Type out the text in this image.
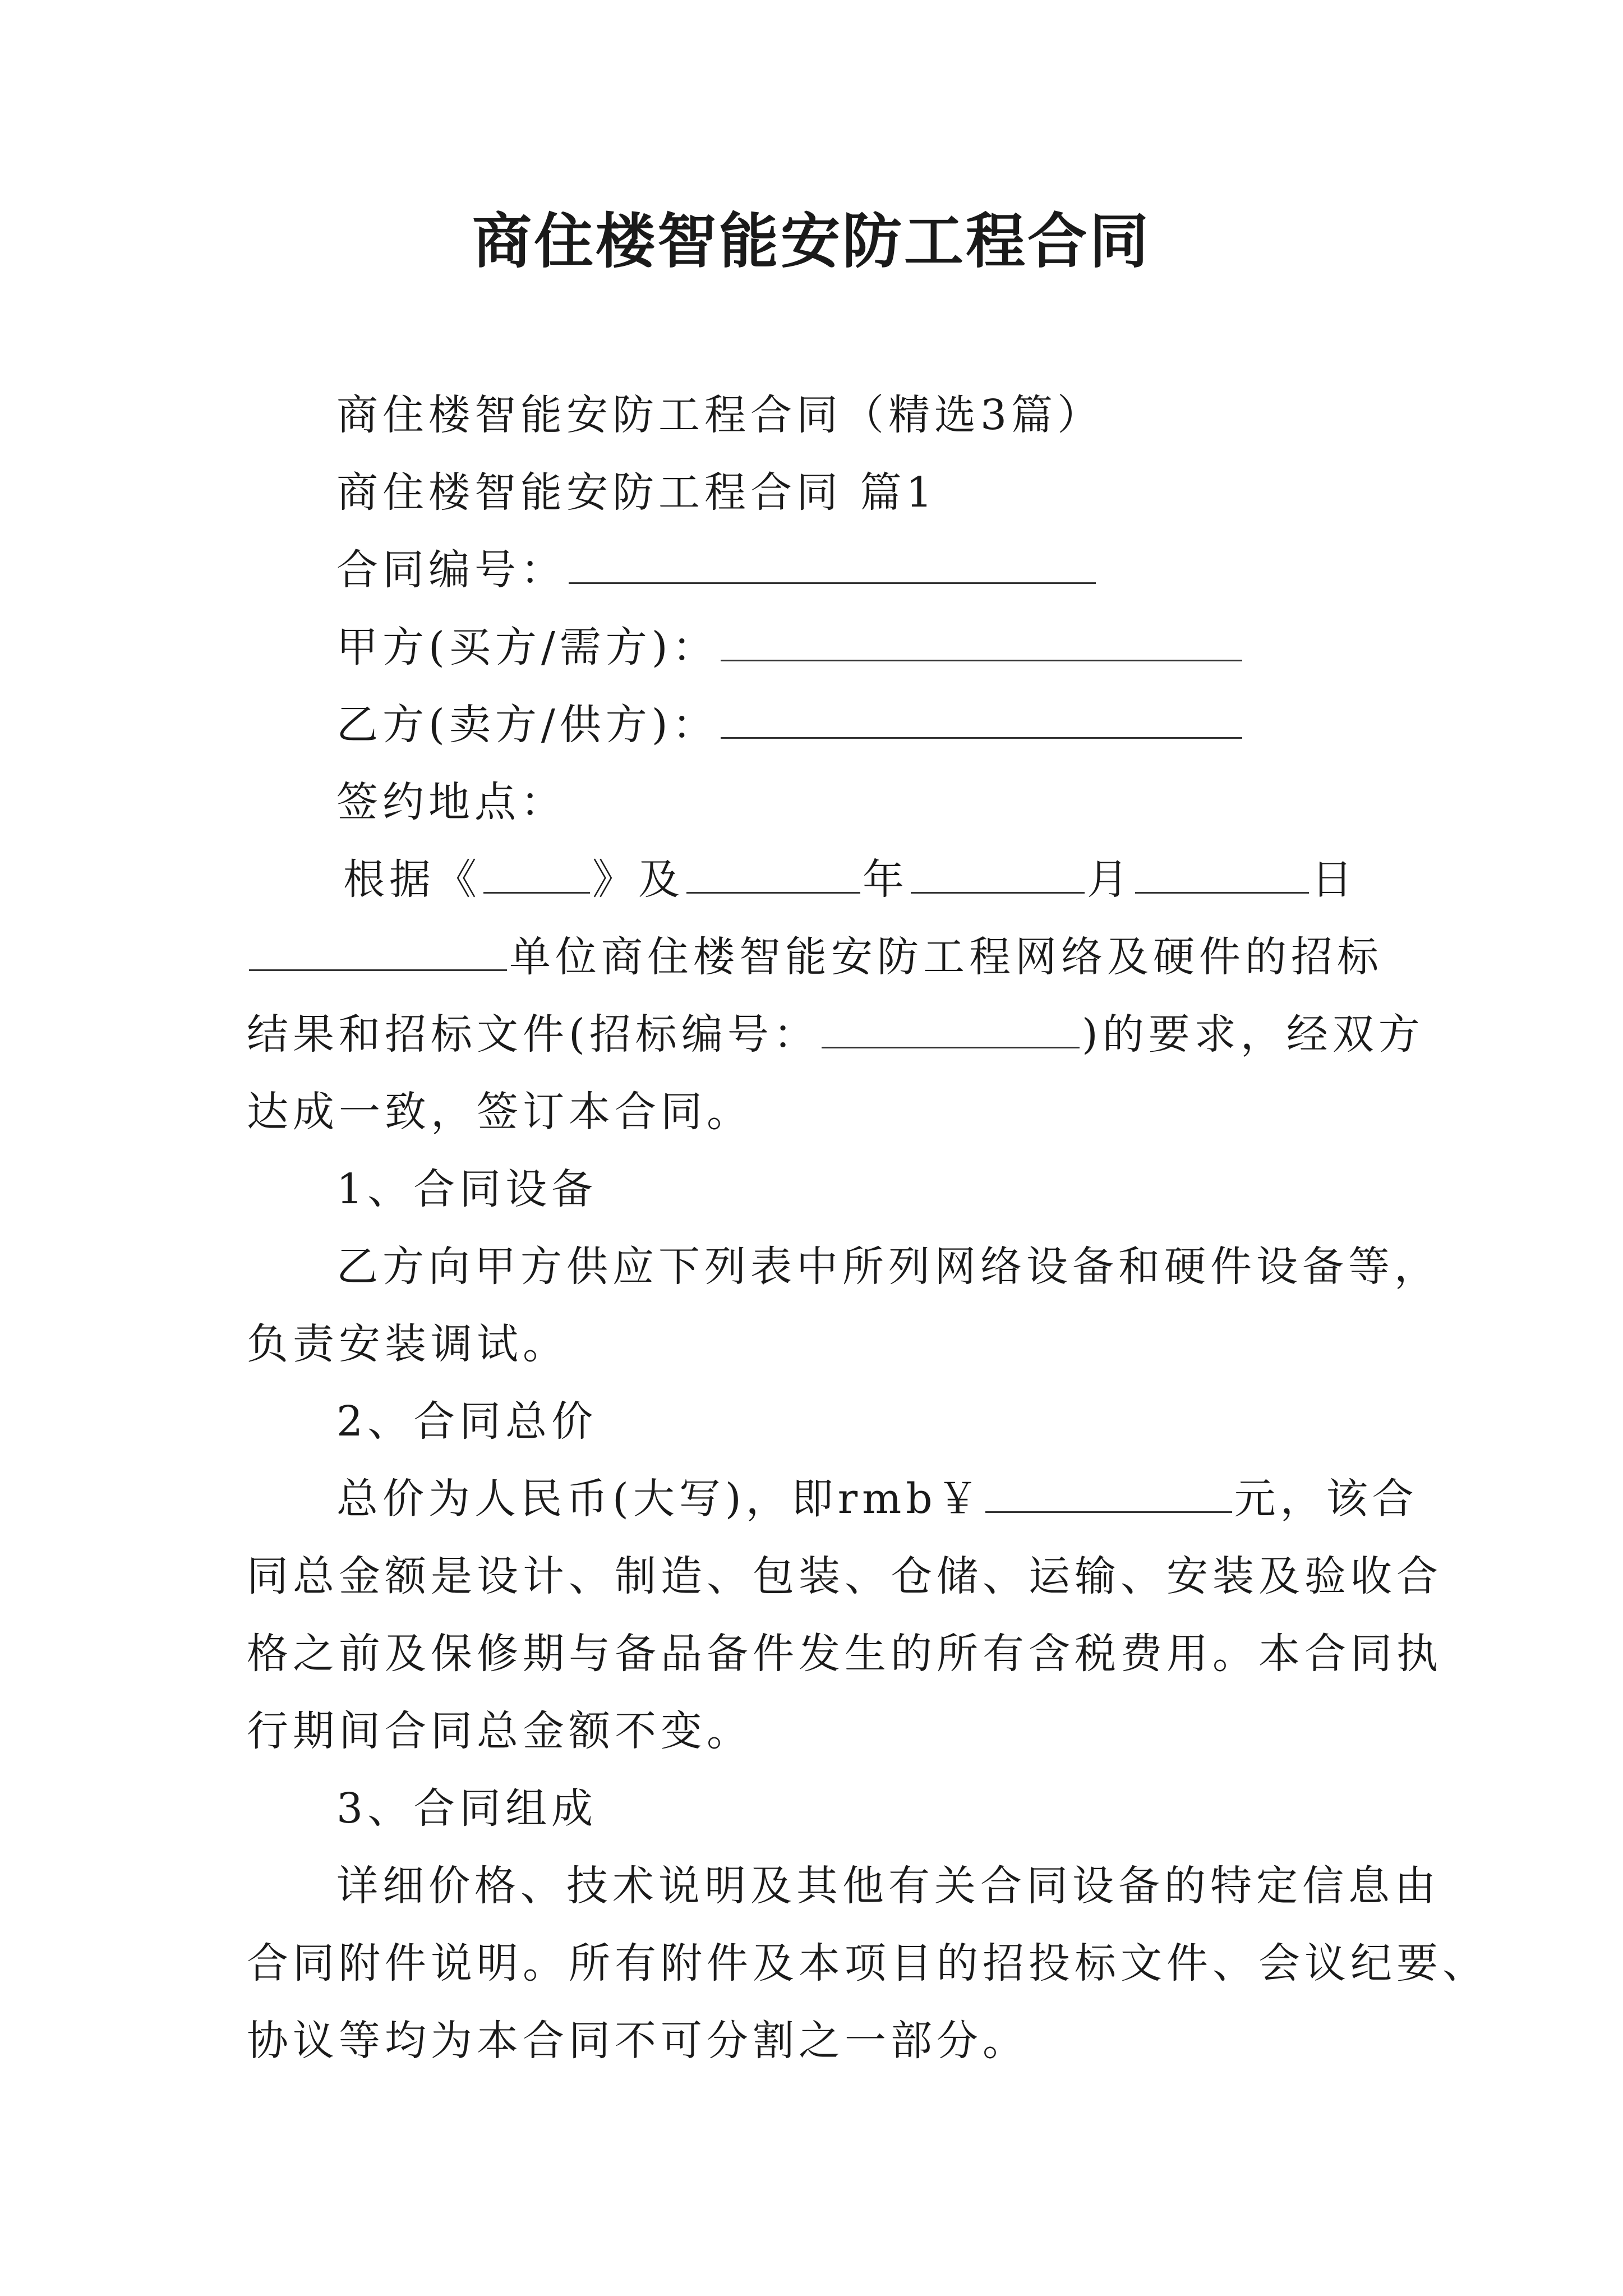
商住楼智能安防工程合同
商住楼智能安防工程合同（精选3篇）
商住楼智能安防工程合同 篇1
合同编号：
甲方(买方/需方)：
乙方(卖方/供方)：
签约地点：
根据《	》及	年	月	日
单位商住楼智能安防工程网络及硬件的招标
结果和招标文件(招标编号：	)的要求，经双方
达成一致，签订本合同。
1、合同设备
乙方向甲方供应下列表中所列网络设备和硬件设备等，
负责安装调试。
2、合同总价
总价为人民币(大写)，即rmb￥	元，该合
同总金额是设计、制造、包装、仓储、运输、安装及验收合
格之前及保修期与备品备件发生的所有含税费用。本合同执
行期间合同总金额不变。
3、合同组成
详细价格、技术说明及其他有关合同设备的特定信息由
合同附件说明。所有附件及本项目的招投标文件、会议纪要、
协议等均为本合同不可分割之一部分。
